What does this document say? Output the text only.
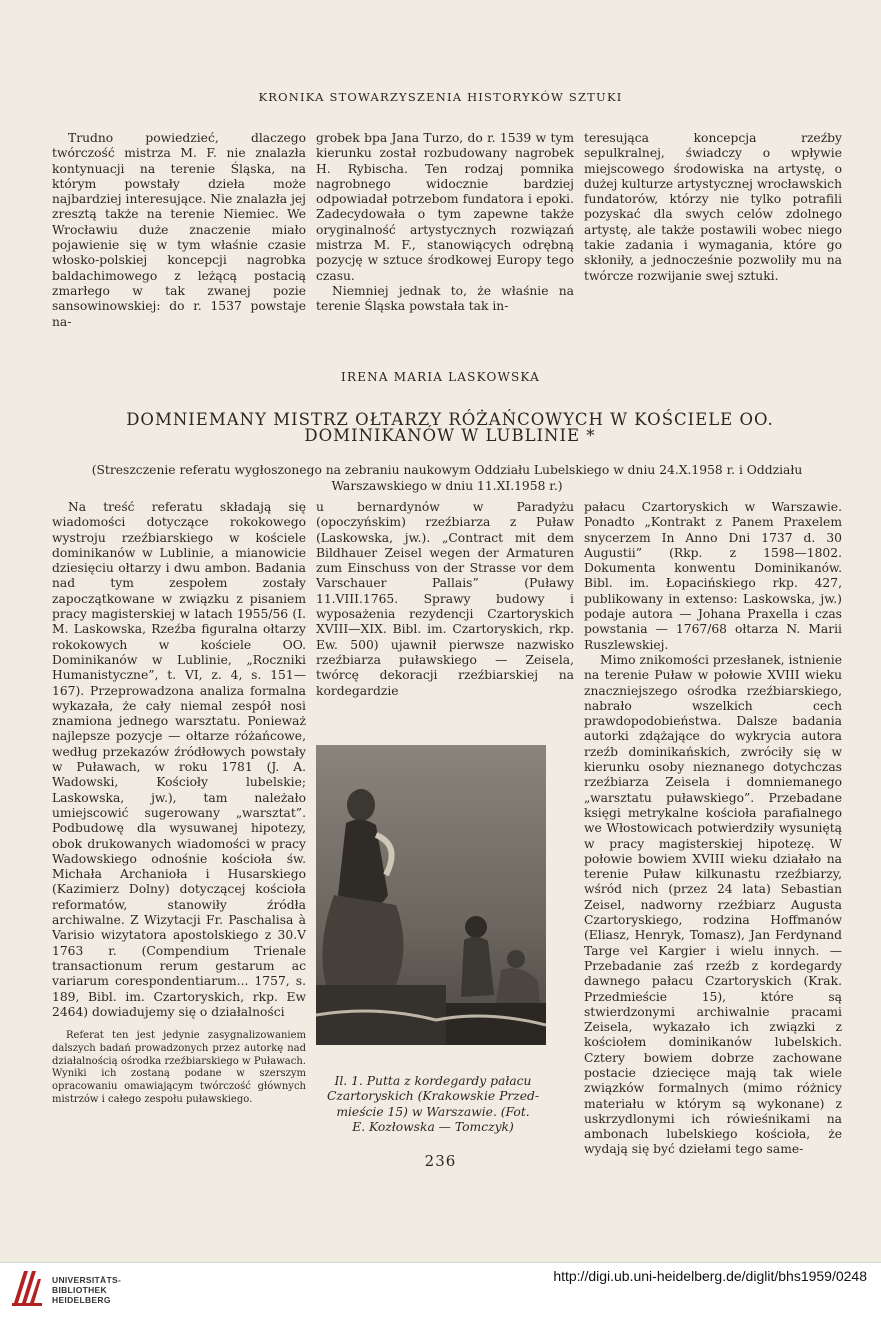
KRONIKA STOWARZYSZENIA HISTORYKÓW SZTUKI

Trudno powiedzieć, dlaczego twórczość mistrza M. F. nie znalazła kontynuacji na terenie Śląska, na którym powstały dzieła może najbardziej interesujące. Nie znalazła jej zresztą także na terenie Niemiec. We Wrocławiu duże znaczenie miało pojawienie się w tym właśnie czasie włosko-polskiej koncepcji nagrobka baldachimowego z leżącą postacią zmarłego w tak zwanej pozie sansowinowskiej: do r. 1537 powstaje na-

grobek bpa Jana Turzo, do r. 1539 w tym kierunku został rozbudowany nagrobek H. Rybischa. Ten rodzaj pomnika nagrobnego widocznie bardziej odpowiadał potrzebom fundatora i epoki. Zadecydowała o tym zapewne także oryginalność artystycznych rozwiązań mistrza M. F., stanowiących odrębną pozycję w sztuce środkowej Europy tego czasu.

Niemniej jednak to, że właśnie na terenie Śląska powstała tak in-

teresująca koncepcja rzeźby sepulkralnej, świadczy o wpływie miejscowego środowiska na artystę, o dużej kulturze artystycznej wrocławskich fundatorów, którzy nie tylko potrafili pozyskać dla swych celów zdolnego artystę, ale także postawili wobec niego takie zadania i wymagania, które go skłoniły, a jednocześnie pozwoliły mu na twórcze rozwijanie swej sztuki.

IRENA MARIA LASKOWSKA
DOMNIEMANY MISTRZ OŁTARZY RÓŻAŃCOWYCH W KOŚCIELE OO. DOMINIKANÓW W LUBLINIE *
(Streszczenie referatu wygłoszonego na zebraniu naukowym Oddziału Lubelskiego w dniu 24.X.1958 r. i Oddziału Warszawskiego w dniu 11.XI.1958 r.)

Na treść referatu składają się wiadomości dotyczące rokokowego wystroju rzeźbiarskiego w kościele dominikanów w Lublinie, a mianowicie dziesięciu ołtarzy i dwu ambon. Badania nad tym zespołem zostały zapoczątkowane w związku z pisaniem pracy magisterskiej w latach 1955/56 (I. M. Laskowska, Rzeźba figuralna ołtarzy rokokowych w kościele OO. Dominikanów w Lublinie, „Roczniki Humanistyczne”, t. VI, z. 4, s. 151—167). Przeprowadzona analiza formalna wykazała, że cały niemal zespół nosi znamiona jednego warsztatu. Ponieważ najlepsze pozycje — ołtarze różańcowe, według przekazów źródłowych powstały w Puławach, w roku 1781 (J. A. Wadowski, Kościoły lubelskie; Laskowska, jw.), tam należało umiejscowić sugerowany „warsztat”. Podbudowę dla wysuwanej hipotezy, obok drukowanych wiadomości w pracy Wadowskiego odnośnie kościoła św. Michała Archanioła i Husarskiego (Kazimierz Dolny) dotyczącej kościoła reformatów, stanowiły źródła archiwalne. Z Wizytacji Fr. Paschalisa à Varisio wizytatora apostolskiego z 30.V 1763 r. (Compendium Trienale transactionum rerum gestarum ac variarum corespondentiarum... 1757, s. 189, Bibl. im. Czartoryskich, rkp. Ew 2464) dowiadujemy się o działalności

u bernardynów w Paradyżu (opoczyńskim) rzeźbiarza z Puław (Laskowska, jw.). „Contract mit dem Bildhauer Zeisel wegen der Armaturen zum Einschuss von der Strasse vor dem Varschauer Pallais” (Puławy 11.VIII.1765. Sprawy budowy i wyposażenia rezydencji Czartoryskich XVIII—XIX. Bibl. im. Czartoryskich, rkp. Ew. 500) ujawnił pierwsze nazwisko rzeźbiarza puławskiego — Zeisela, twórcę dekoracji rzeźbiarskiej na kordegardzie

pałacu Czartoryskich w Warszawie. Ponadto „Kontrakt z Panem Praxelem snycerzem In Anno Dni 1737 d. 30 Augustii” (Rkp. z 1598—1802. Dokumenta konwentu Dominikanów. Bibl. im. Łopacińskiego rkp. 427, publikowany in extenso: Laskowska, jw.) podaje autora — Johana Praxella i czas powstania — 1767/68 ołtarza N. Marii Ruszlewskiej.

Mimo znikomości przesłanek, istnienie na terenie Puław w połowie XVIII wieku znaczniejszego ośrodka rzeźbiarskiego, nabrało wszelkich cech prawdopodobieństwa. Dalsze badania autorki zdążające do wykrycia autora rzeźb dominikańskich, zwróciły się w kierunku osoby nieznanego dotychczas rzeźbiarza Zeisela i domniemanego „warsztatu puławskiego”. Przebadane księgi metrykalne kościoła parafialnego we Włostowicach potwierdziły wysuniętą w pracy magisterskiej hipotezę. W połowie bowiem XVIII wieku działało na terenie Puław kilkunastu rzeźbiarzy, wśród nich (przez 24 lata) Sebastian Zeisel, nadworny rzeźbiarz Augusta Czartoryskiego, rodzina Hoffmanów (Eliasz, Henryk, Tomasz), Jan Ferdynand Targe vel Kargier i wielu innych. — Przebadanie zaś rzeźb z kordegardy dawnego pałacu Czartoryskich (Krak. Przedmieście 15), które są stwierdzonymi archiwalnie pracami Zeisela, wykazało ich związki z kościołem dominikanów lubelskich. Cztery bowiem dobrze zachowane postacie dziecięce mają tak wiele związków formalnych (mimo różnicy materiału w którym są wykonane) z uskrzydlonymi ich rówieśnikami na ambonach lubelskiego kościoła, że wydają się być dziełami tego same-

Referat ten jest jedynie zasygnalizowaniem dalszych badań prowadzonych przez autorkę nad działalnością ośrodka rzeźbiarskiego w Puławach. Wyniki ich zostaną podane w szerszym opracowaniu omawiającym twórczość głównych mistrzów i całego zespołu puławskiego.

Il. 1. Putta z kordegardy pałacu
Czartoryskich (Krakowskie Przed-
mieście 15) w Warszawie. (Fot.
E. Kozłowska — Tomczyk)
236
UNIVERSITÄTS-
BIBLIOTHEK
HEIDELBERG
http://digi.ub.uni-heidelberg.de/diglit/bhs1959/0248
